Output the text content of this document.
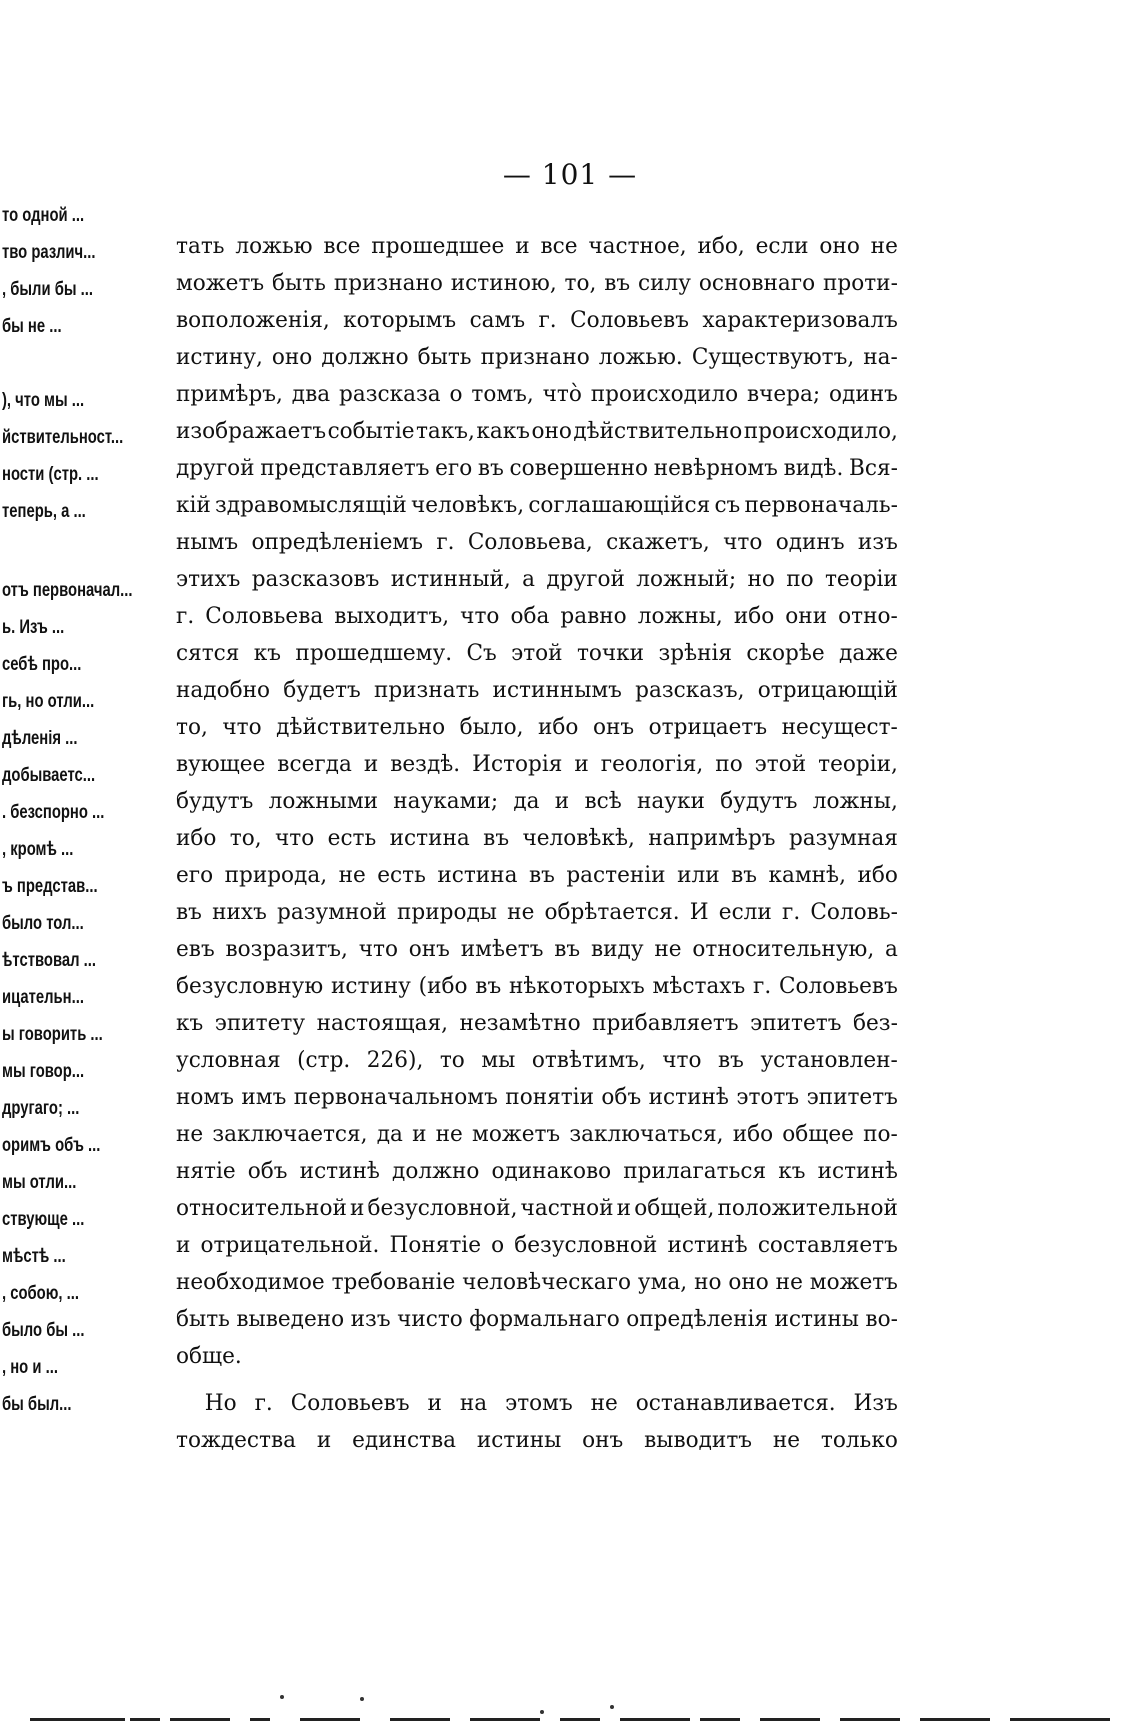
— 101 —
то одной ...
тво различ...
, были бы ...
бы не ...
), что мы ...
йствительност...
ности (стр. ...
теперь, а ...
отъ первоначал...
ь. Изъ ...
себѣ про...
гь, но отли...
дѣленія ...
добываетс...
. безспорно ...
, кромѣ ...
ъ представ...
было тол...
ѣтствовал ...
ицательн...
ы говорить ...
мы говор...
другаго; ...
оримъ объ ...
мы отли...
ствующе ...
мѣстѣ ...
, собою, ...
было бы ...
, но и ...
бы был...
тать ложью все прошедшее и все частное, ибо, если оно не
можетъ быть признано истиною, то, въ силу основнаго проти-
воположенія, которымъ самъ г. Соловьевъ характеризовалъ
истину, оно должно быть признано ложью. Существуютъ, на-
примѣръ, два разсказа о томъ, что̀ происходило вчера; одинъ
изображаетъ событіе такъ, какъ оно дѣйствительно происходило,
другой представляетъ его въ совершенно невѣрномъ видѣ. Вся-
кій здравомыслящій человѣкъ, соглашающійся съ первоначаль-
нымъ опредѣленіемъ г. Соловьева, скажетъ, что одинъ изъ
этихъ разсказовъ истинный, а другой ложный; но по теоріи
г. Соловьева выходитъ, что оба равно ложны, ибо они отно-
сятся къ прошедшему. Съ этой точки зрѣнія скорѣе даже
надобно будетъ признать истиннымъ разсказъ, отрицающій
то, что дѣйствительно было, ибо онъ отрицаетъ несущест-
вующее всегда и вездѣ. Исторія и геологія, по этой теоріи,
будутъ ложными науками; да и всѣ науки будутъ ложны,
ибо то, что есть истина въ человѣкѣ, напримѣръ разумная
его природа, не есть истина въ растеніи или въ камнѣ, ибо
въ нихъ разумной природы не обрѣтается. И если г. Соловь-
евъ возразитъ, что онъ имѣетъ въ виду не относительную, а
безусловную истину (ибо въ нѣкоторыхъ мѣстахъ г. Соловьевъ
къ эпитету настоящая, незамѣтно прибавляетъ эпитетъ без-
условная (стр. 226), то мы отвѣтимъ, что въ установлен-
номъ имъ первоначальномъ понятіи объ истинѣ этотъ эпитетъ
не заключается, да и не можетъ заключаться, ибо общее по-
нятіе объ истинѣ должно одинаково прилагаться къ истинѣ
относительной и безусловной, частной и общей, положительной
и отрицательной. Понятіе о безусловной истинѣ составляетъ
необходимое требованіе человѣческаго ума, но оно не можетъ
быть выведено изъ чисто формальнаго опредѣленія истины во-
обще.
Но г. Соловьевъ и на этомъ не останавливается. Изъ
тождества и единства истины онъ выводитъ не только
